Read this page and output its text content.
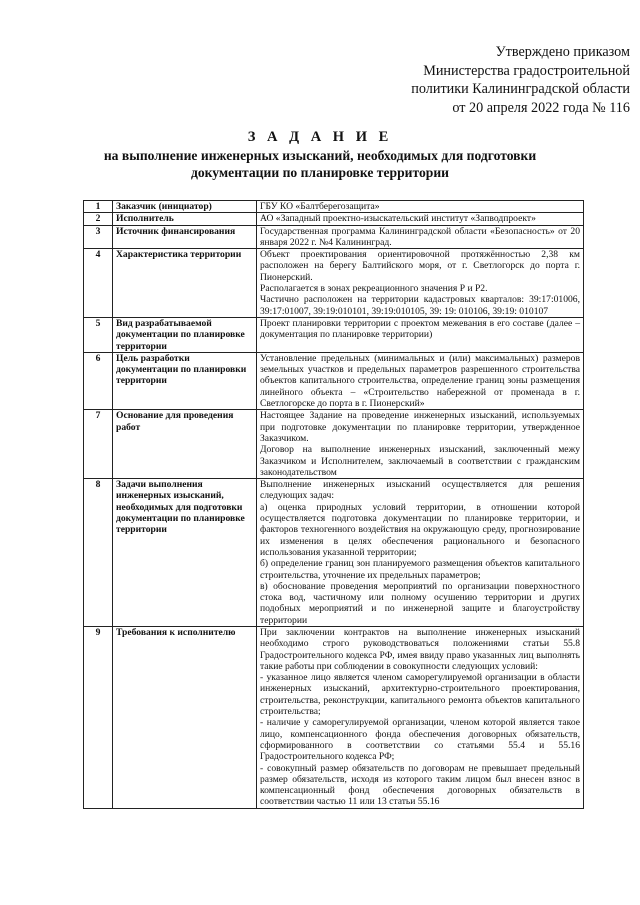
Утверждено приказом
Министерства градостроительной
политики Калининградской области
от 20 апреля 2022 года № 116
З А Д А Н И Е
на выполнение инженерных изысканий, необходимых для подготовки
документации по планировке территории
1	Заказчик (инициатор)	ГБУ КО «Балтберегозащита»

2	Исполнитель	АО «Западный проектно-изыскательский институт «Запводпроект»

3	Источник финансирования	Государственная программа Калининградской области «Безопасность» от 20 января 2022 г. №4 Калининград.

4	Характеристика территории	Объект проектирования ориентировочной протяжённостью 2,38 км расположен на берегу Балтийского моря, от г. Светлогорск до порта г. Пионерский.
Располагается в зонах рекреационного значения Р и Р2.
Частично расположен на территории кадастровых кварталов: 39:17:01006, 39:17:01007, 39:19:010101, 39:19:010105, 39: 19: 010106, 39:19: 010107

5	Вид разрабатываемой документации по планировке территории	Проект планировки территории с проектом межевания в его составе (далее – документация по планировке территории)

6	Цель разработки документации по планировки территории	Установление предельных (минимальных и (или) максимальных) размеров земельных участков и предельных параметров разрешенного строительства объектов капитального строительства, определение границ зоны размещения линейного объекта – «Строительство набережной от променада в г. Светлогорске до порта в г. Пионерский»

7	Основание для проведения работ	Настоящее Задание на проведение инженерных изысканий, используемых при подготовке документации по планировке территории, утвержденное Заказчиком.
Договор на выполнение инженерных изысканий, заключенный межу Заказчиком и Исполнителем, заключаемый в соответствии с гражданским законодательством

8	Задачи выполнения инженерных изысканий, необходимых для подготовки документации по планировке территории	Выполнение инженерных изысканий осуществляется для решения следующих задач:
а) оценка природных условий территории, в отношении которой осуществляется подготовка документации по планировке территории, и факторов техногенного воздействия на окружающую среду, прогнозирование их изменения в целях обеспечения рационального и безопасного использования указанной территории;
б) определение границ зон планируемого размещения объектов капитального строительства, уточнение их предельных параметров;
в) обоснование проведения мероприятий по организации поверхностного стока вод, частичному или полному осушению территории и других подобных мероприятий и по инженерной защите и благоустройству территории

9	Требования к исполнителю	При заключении контрактов на выполнение инженерных изысканий необходимо строго руководствоваться положениями статьи 55.8 Градостроительного кодекса РФ, имея ввиду право указанных лиц выполнять такие работы при соблюдении в совокупности следующих условий:
- указанное лицо является членом саморегулируемой организации в области инженерных изысканий, архитектурно-строительного проектирования, строительства, реконструкции, капитального ремонта объектов капитального строительства;
- наличие у саморегулируемой организации, членом которой является такое лицо, компенсационного фонда обеспечения договорных обязательств, сформированного в соответствии со статьями 55.4 и 55.16 Градостроительного кодекса РФ;
- совокупный размер обязательств по договорам не превышает предельный размер обязательств, исходя из которого таким лицом был внесен взнос в компенсационный фонд обеспечения договорных обязательств в соответствии частью 11 или 13 статьи 55.16
